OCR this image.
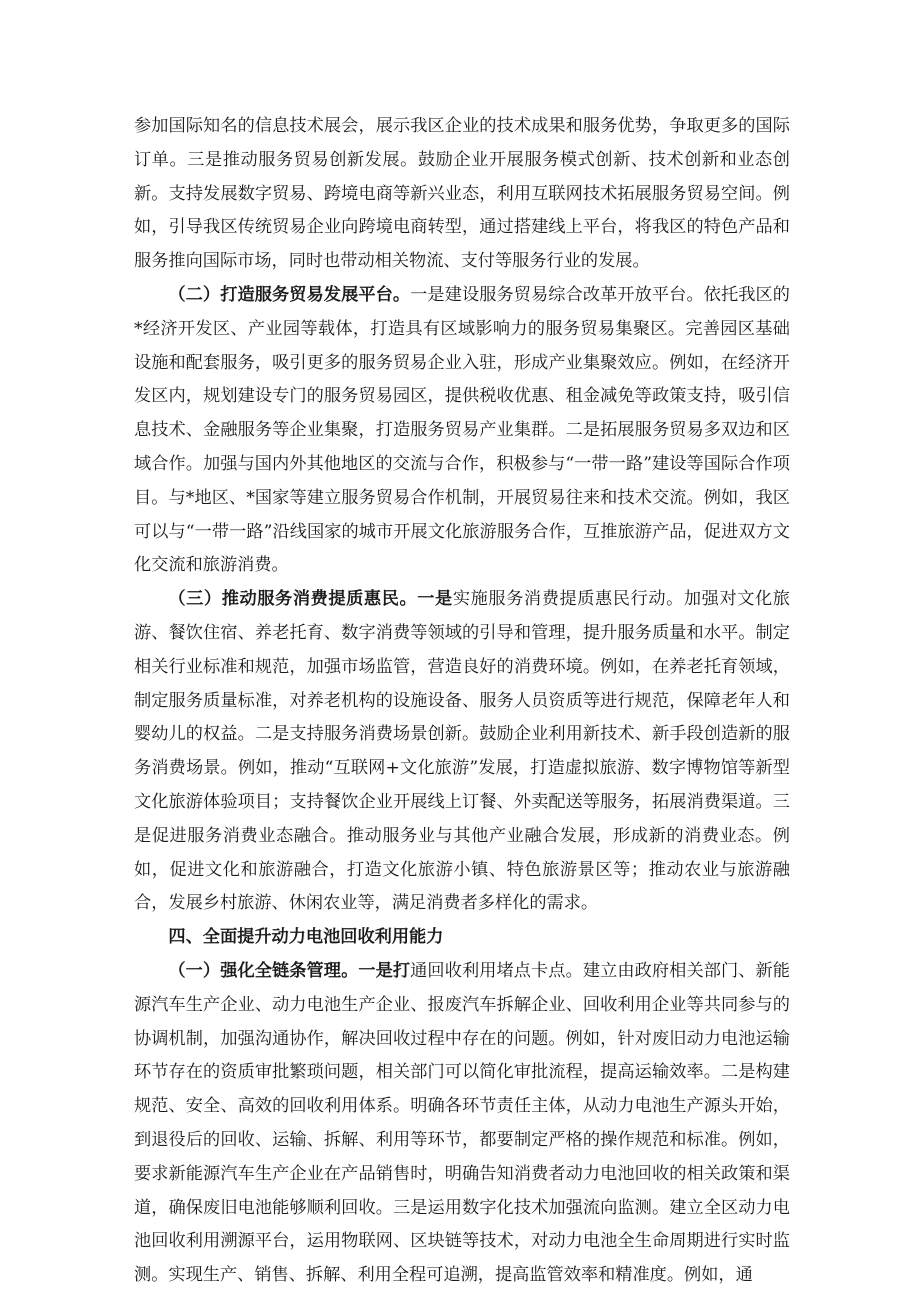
参加国际知名的信息技术展会，展示我区企业的技术成果和服务优势，争取更多的国际订单。三是推动服务贸易创新发展。鼓励企业开展服务模式创新、技术创新和业态创新。支持发展数字贸易、跨境电商等新兴业态，利用互联网技术拓展服务贸易空间。例如，引导我区传统贸易企业向跨境电商转型，通过搭建线上平台，将我区的特色产品和服务推向国际市场，同时也带动相关物流、支付等服务行业的发展。

（二）打造服务贸易发展平台。一是建设服务贸易综合改革开放平台。依托我区的*经济开发区、产业园等载体，打造具有区域影响力的服务贸易集聚区。完善园区基础设施和配套服务，吸引更多的服务贸易企业入驻，形成产业集聚效应。例如，在经济开发区内，规划建设专门的服务贸易园区，提供税收优惠、租金减免等政策支持，吸引信息技术、金融服务等企业集聚，打造服务贸易产业集群。二是拓展服务贸易多双边和区域合作。加强与国内外其他地区的交流与合作，积极参与“一带一路”建设等国际合作项目。与*地区、*国家等建立服务贸易合作机制，开展贸易往来和技术交流。例如，我区可以与“一带一路”沿线国家的城市开展文化旅游服务合作，互推旅游产品，促进双方文化交流和旅游消费。

（三）推动服务消费提质惠民。一是实施服务消费提质惠民行动。加强对文化旅游、餐饮住宿、养老托育、数字消费等领域的引导和管理，提升服务质量和水平。制定相关行业标准和规范，加强市场监管，营造良好的消费环境。例如，在养老托育领域，制定服务质量标准，对养老机构的设施设备、服务人员资质等进行规范，保障老年人和婴幼儿的权益。二是支持服务消费场景创新。鼓励企业利用新技术、新手段创造新的服务消费场景。例如，推动“互联网+文化旅游”发展，打造虚拟旅游、数字博物馆等新型文化旅游体验项目；支持餐饮企业开展线上订餐、外卖配送等服务，拓展消费渠道。三是促进服务消费业态融合。推动服务业与其他产业融合发展，形成新的消费业态。例如，促进文化和旅游融合，打造文化旅游小镇、特色旅游景区等；推动农业与旅游融合，发展乡村旅游、休闲农业等，满足消费者多样化的需求。

四、全面提升动力电池回收利用能力

（一）强化全链条管理。一是打通回收利用堵点卡点。建立由政府相关部门、新能源汽车生产企业、动力电池生产企业、报废汽车拆解企业、回收利用企业等共同参与的协调机制，加强沟通协作，解决回收过程中存在的问题。例如，针对废旧动力电池运输环节存在的资质审批繁琐问题，相关部门可以简化审批流程，提高运输效率。二是构建规范、安全、高效的回收利用体系。明确各环节责任主体，从动力电池生产源头开始，到退役后的回收、运输、拆解、利用等环节，都要制定严格的操作规范和标准。例如，要求新能源汽车生产企业在产品销售时，明确告知消费者动力电池回收的相关政策和渠道，确保废旧电池能够顺利回收。三是运用数字化技术加强流向监测。建立全区动力电池回收利用溯源平台，运用物联网、区块链等技术，对动力电池全生命周期进行实时监测。实现生产、销售、拆解、利用全程可追溯，提高监管效率和精准度。例如，通
